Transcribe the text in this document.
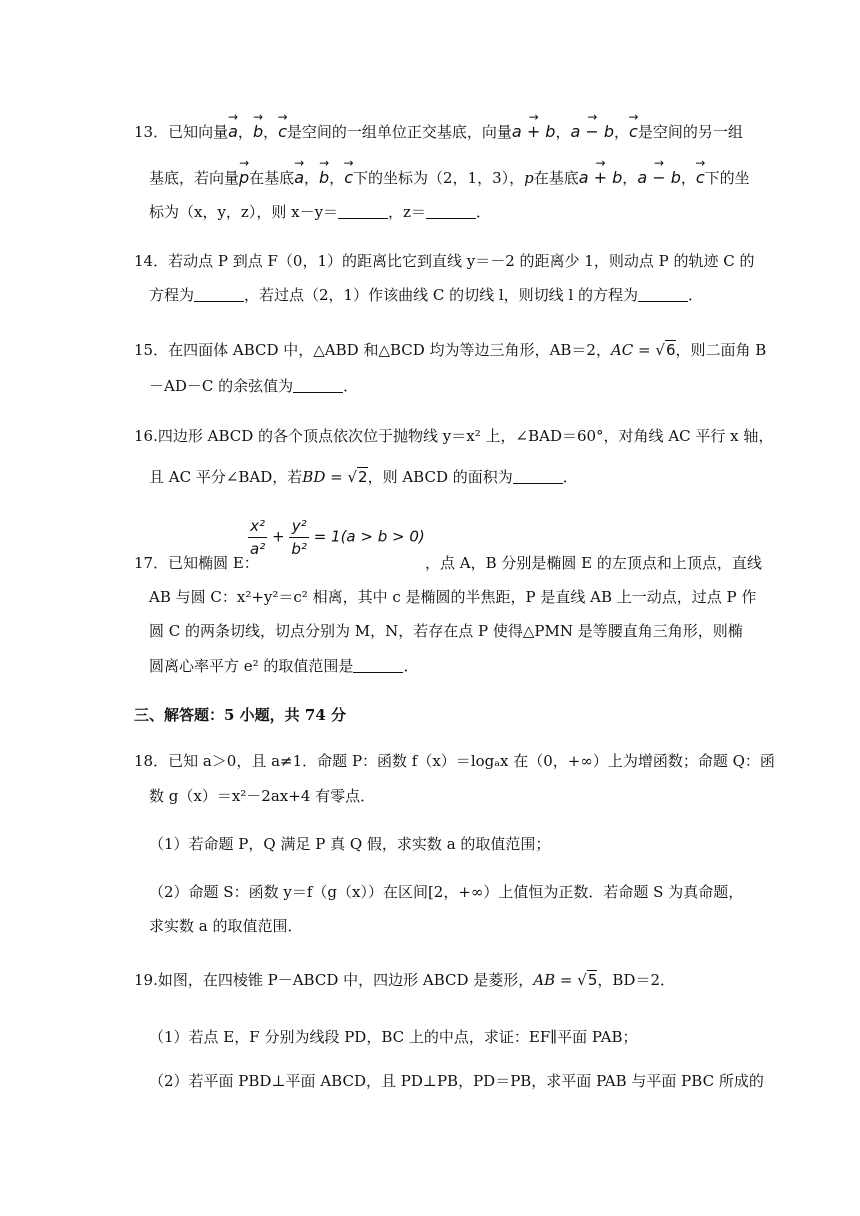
13．已知向量→ a，→ b，→ c是空间的一组单位正交基底，向量→ a + b，→ a − b，→ c是空间的另一组
基底，若向量→ p在基底→ a，→ b，→ c下的坐标为（2，1，3），p在基底→ a + b，→ a − b，→ c下的坐
标为（x，y，z），则 x－y＝	，z＝	．
14．若动点 P 到点 F（0，1）的距离比它到直线 y＝－2 的距离少 1，则动点 P 的轨迹 C 的
方程为	，若过点（2，1）作该曲线 C 的切线 l，则切线 l 的方程为	．
15．在四面体 ABCD 中，△ABD 和△BCD 均为等边三角形，AB＝2，AC = √6，则二面角 B
－AD－C 的余弦值为	．
16.四边形 ABCD 的各个顶点依次位于抛物线 y＝x² 上，∠BAD＝60°，对角线 AC 平行 x 轴，
且 AC 平分∠BAD，若BD = √2，则 ABCD 的面积为	．
$\frac{\text{x²}}{\text{a²}} + \frac{\text{y²}}{\text{b²}} = 1(a > b > 0)$
17．已知椭圆 E：	，点 A，B 分别是椭圆 E 的左顶点和上顶点，直线
AB 与圆 C：x²+y²＝c² 相离，其中 c 是椭圆的半焦距，P 是直线 AB 上一动点，过点 P 作
圆 C 的两条切线，切点分别为 M，N，若存在点 P 使得△PMN 是等腰直角三角形，则椭
圆离心率平方 e² 的取值范围是	．
三、解答题：5 小题，共 74 分
18．已知 a＞0，且 a≠1．命题 P：函数 f（x）＝logₐx 在（0，+∞）上为增函数；命题 Q：函
数 g（x）＝x²－2ax+4 有零点．
（1）若命题 P，Q 满足 P 真 Q 假，求实数 a 的取值范围；
（2）命题 S：函数 y＝f（g（x））在区间[2，+∞）上值恒为正数．若命题 S 为真命题，
求实数 a 的取值范围．
19.如图，在四棱锥 P－ABCD 中，四边形 ABCD 是菱形，AB = √5，BD＝2．
（1）若点 E，F 分别为线段 PD，BC 上的中点，求证：EF∥平面 PAB；
（2）若平面 PBD⊥平面 ABCD，且 PD⊥PB，PD＝PB，求平面 PAB 与平面 PBC 所成的
